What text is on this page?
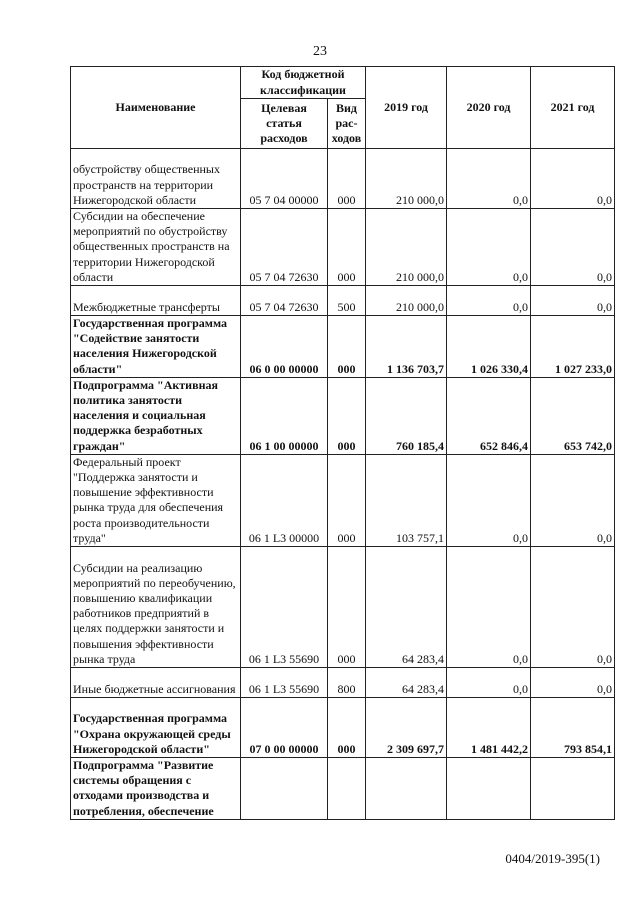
23
Наименование	Код бюджетной классификации		2019 год	2020 год	2021 год
	Целевая статья расходов	Вид рас-ходов			
обустройству общественных пространств на территории Нижегородской области	05 7 04 00000	000	210 000,0	0,0	0,0
Субсидии на обеспечение мероприятий по обустройству общественных пространств на территории Нижегородской области	05 7 04 72630	000	210 000,0	0,0	0,0
Межбюджетные трансферты	05 7 04 72630	500	210 000,0	0,0	0,0
Государственная программа "Содействие занятости населения Нижегородской области"	06 0 00 00000	000	1 136 703,7	1 026 330,4	1 027 233,0
Подпрограмма "Активная политика занятости населения и социальная поддержка безработных граждан"	06 1 00 00000	000	760 185,4	652 846,4	653 742,0
Федеральный проект "Поддержка занятости и повышение эффективности рынка труда для обеспечения роста производительности труда"	06 1 L3 00000	000	103 757,1	0,0	0,0
Субсидии на реализацию мероприятий по переобучению, повышению квалификации работников предприятий в целях поддержки занятости и повышения эффективности рынка труда	06 1 L3 55690	000	64 283,4	0,0	0,0
Иные бюджетные ассигнования	06 1 L3 55690	800	64 283,4	0,0	0,0
Государственная программа "Охрана окружающей среды Нижегородской области"	07 0 00 00000	000	2 309 697,7	1 481 442,2	793 854,1
Подпрограмма "Развитие системы обращения с отходами производства и потребления, обеспечение					
0404/2019-395(1)
